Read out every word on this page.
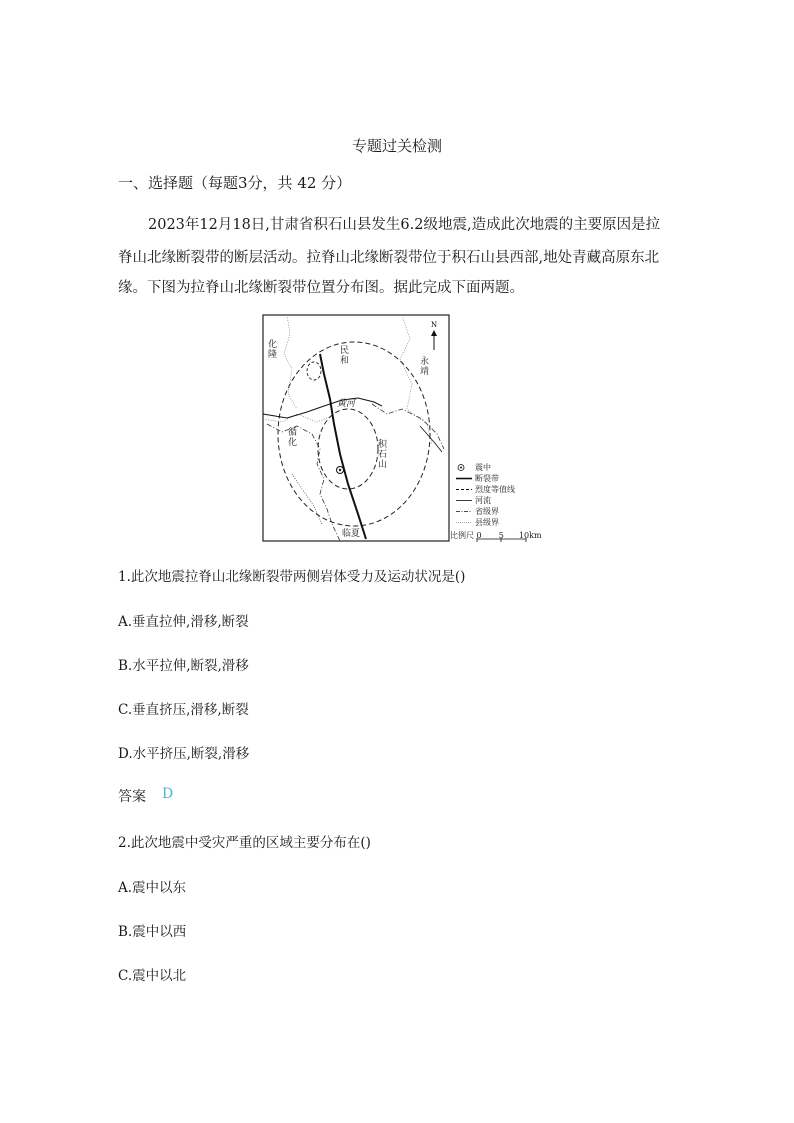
专题过关检测
一、选择题（每题3分，共 42 分）
2023年12月18日,甘肃省积石山县发生6.2级地震,造成此次地震的主要原因是拉
脊山北缘断裂带的断层活动。拉脊山北缘断裂带位于积石山县西部,地处青藏高原东北
缘。下图为拉脊山北缘断裂带位置分布图。据此完成下面两题。
N
化隆	民和	永靖
黄河
循化	积石山
临夏
震中
断裂带
烈度等值线
河流
省级界
县级界
比例尺 0 5 10km
1.此次地震拉脊山北缘断裂带两侧岩体受力及运动状况是()
A.垂直拉伸,滑移,断裂
B.水平拉伸,断裂,滑移
C.垂直挤压,滑移,断裂
D.水平挤压,断裂,滑移
答案 D
2.此次地震中受灾严重的区域主要分布在()
A.震中以东
B.震中以西
C.震中以北
